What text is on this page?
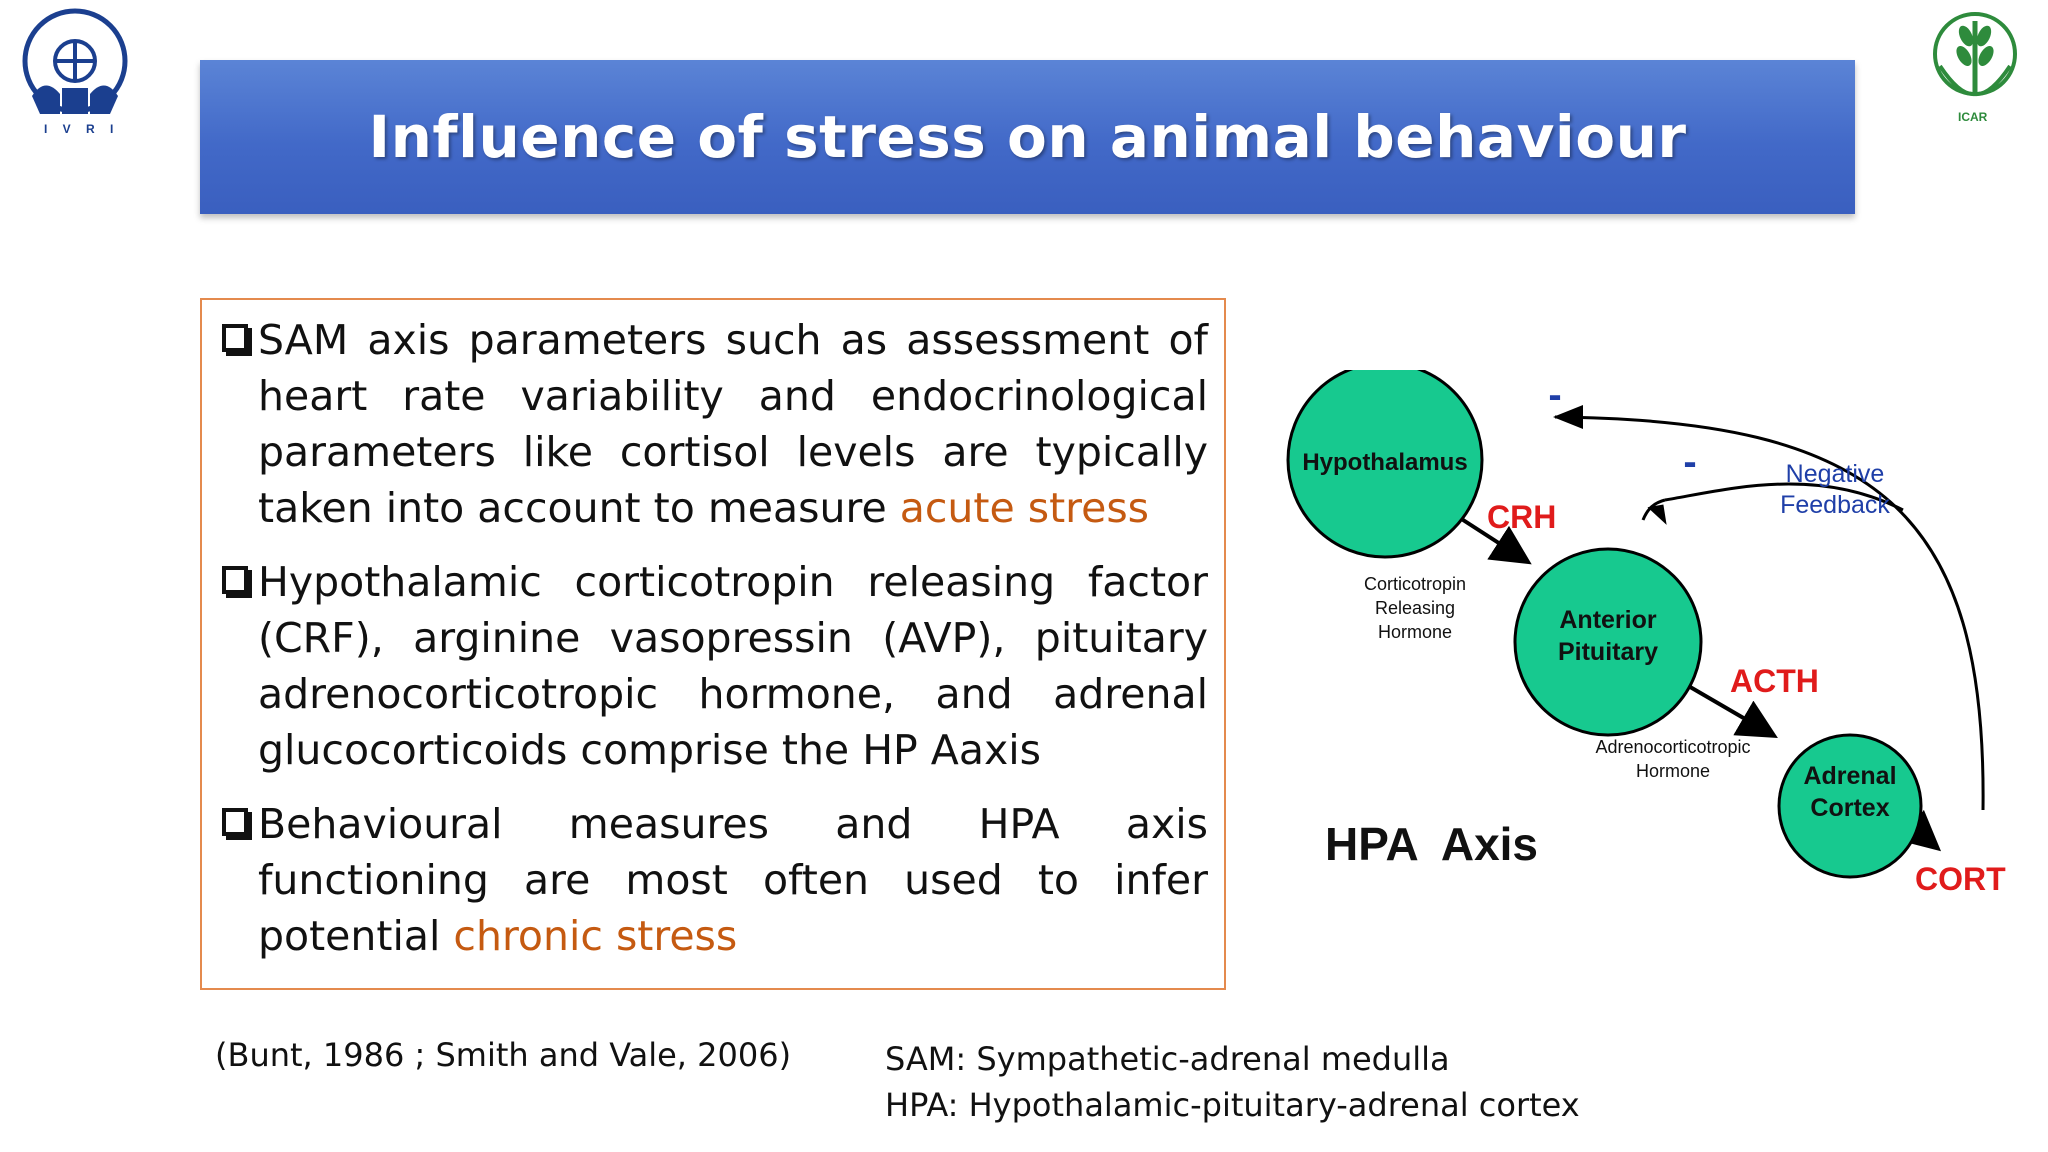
I V R I
ICAR
Influence of stress on animal behaviour
SAM axis parameters such as assessment of heart rate variability and endocrinological parameters like cortisol levels are typically taken into account to measure acute stress
Hypothalamic corticotropin releasing factor (CRF), arginine vasopressin (AVP), pituitary adrenocorticotropic hormone, and adrenal glucocorticoids comprise the HP Aaxis
Behavioural measures and HPA axis functioning are most often used to infer potential chronic stress
Hypothalamus
Anterior
Pituitary
Adrenal
Cortex
CRH
ACTH
CORT
Corticotropin
Releasing
Hormone
Adrenocorticotropic
Hormone
-
-	Negative
Feedback
HPA  Axis
(Bunt, 1986 ; Smith and Vale, 2006)	SAM: Sympathetic-adrenal medulla
HPA: Hypothalamic-pituitary-adrenal cortex
